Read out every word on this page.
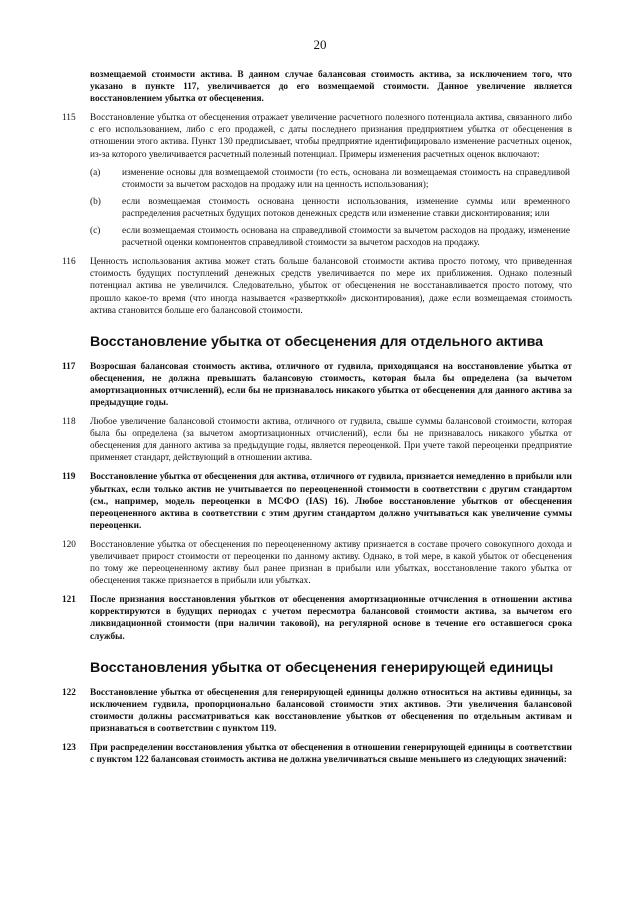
20
возмещаемой стоимости актива. В данном случае балансовая стоимость актива, за исключением того, что указано в пункте 117, увеличивается до его возмещаемой стоимости. Данное увеличение является восстановлением убытка от обесценения.
115	Восстановление убытка от обесценения отражает увеличение расчетного полезного потенциала актива, связанного либо с его использованием, либо с его продажей, с даты последнего признания предприятием убытка от обесценения в отношении этого актива. Пункт 130 предписывает, чтобы предприятие идентифицировало изменение расчетных оценок, из-за которого увеличивается расчетный полезный потенциал. Примеры изменения расчетных оценок включают:
(a)	изменение основы для возмещаемой стоимости (то есть, основана ли возмещаемая стоимость на справедливой стоимости за вычетом расходов на продажу или на ценность использования);
(b)	если возмещаемая стоимость основана ценности использования, изменение суммы или временного распределения расчетных будущих потоков денежных средств или изменение ставки дисконтирования; или
(c)	если возмещаемая стоимость основана на справедливой стоимости за вычетом расходов на продажу, изменение расчетной оценки компонентов справедливой стоимости за вычетом расходов на продажу.
116	Ценность использования актива может стать больше балансовой стоимости актива просто потому, что приведенная стоимость будущих поступлений денежных средств увеличивается по мере их приближения. Однако полезный потенциал актива не увеличился. Следовательно, убыток от обесценения не восстанавливается просто потому, что прошло какое-то время (что иногда называется «развертккой» дисконтирования), даже если возмещаемая стоимость актива становится больше его балансовой стоимости.
Восстановление убытка от обесценения для отдельного актива
117	Возросшая балансовая стоимость актива, отличного от гудвила, приходящаяся на восстановление убытка от обесценения, не должна превышать балансовую стоимость, которая была бы определена (за вычетом амортизационных отчислений), если бы не признавалось никакого убытка от обесценения для данного актива за предыдущие годы.
118	Любое увеличение балансовой стоимости актива, отличного от гудвила, свыше суммы балансовой стоимости, которая была бы определена (за вычетом амортизационных отчислений), если бы не признавалось никакого убытка от обесценения для данного актива за предыдущие годы, является переоценкой. При учете такой переоценки предприятие применяет стандарт, действующий в отношении актива.
119	Восстановление убытка от обесценения для актива, отличного от гудвила, признается немедленно в прибыли или убытках, если только актив не учитывается по переоцененной стоимости в соответствии с другим стандартом (см., например, модель переоценки в МСФО (IAS) 16). Любое восстановление убытков от обесценения переоцененного актива в соответствии с этим другим стандартом должно учитываться как увеличение суммы переоценки.
120	Восстановление убытка от обесценения по переоцененному активу признается в составе прочего совокупного дохода и увеличивает прирост стоимости от переоценки по данному активу. Однако, в той мере, в какой убыток от обесценения по тому же переоцененному активу был ранее признан в прибыли или убытках, восстановление такого убытка от обесценения также признается в прибыли или убытках.
121	После признания восстановления убытков от обесценения амортизационные отчисления в отношении актива корректируются в будущих периодах с учетом пересмотра балансовой стоимости актива, за вычетом его ликвидационной стоимости (при наличии таковой), на регулярной основе в течение его оставшегося срока службы.
Восстановления убытка от обесценения генерирующей единицы
122	Восстановление убытка от обесценения для генерирующей единицы должно относиться на активы единицы, за исключением гудвила, пропорционально балансовой стоимости этих активов. Эти увеличения балансовой стоимости должны рассматриваться как восстановление убытков от обесценения по отдельным активам и признаваться в соответствии с пунктом 119.
123	При распределении восстановления убытка от обесценения в отношении генерирующей единицы в соответствии с пунктом 122 балансовая стоимость актива не должна увеличиваться свыше меньшего из следующих значений:
